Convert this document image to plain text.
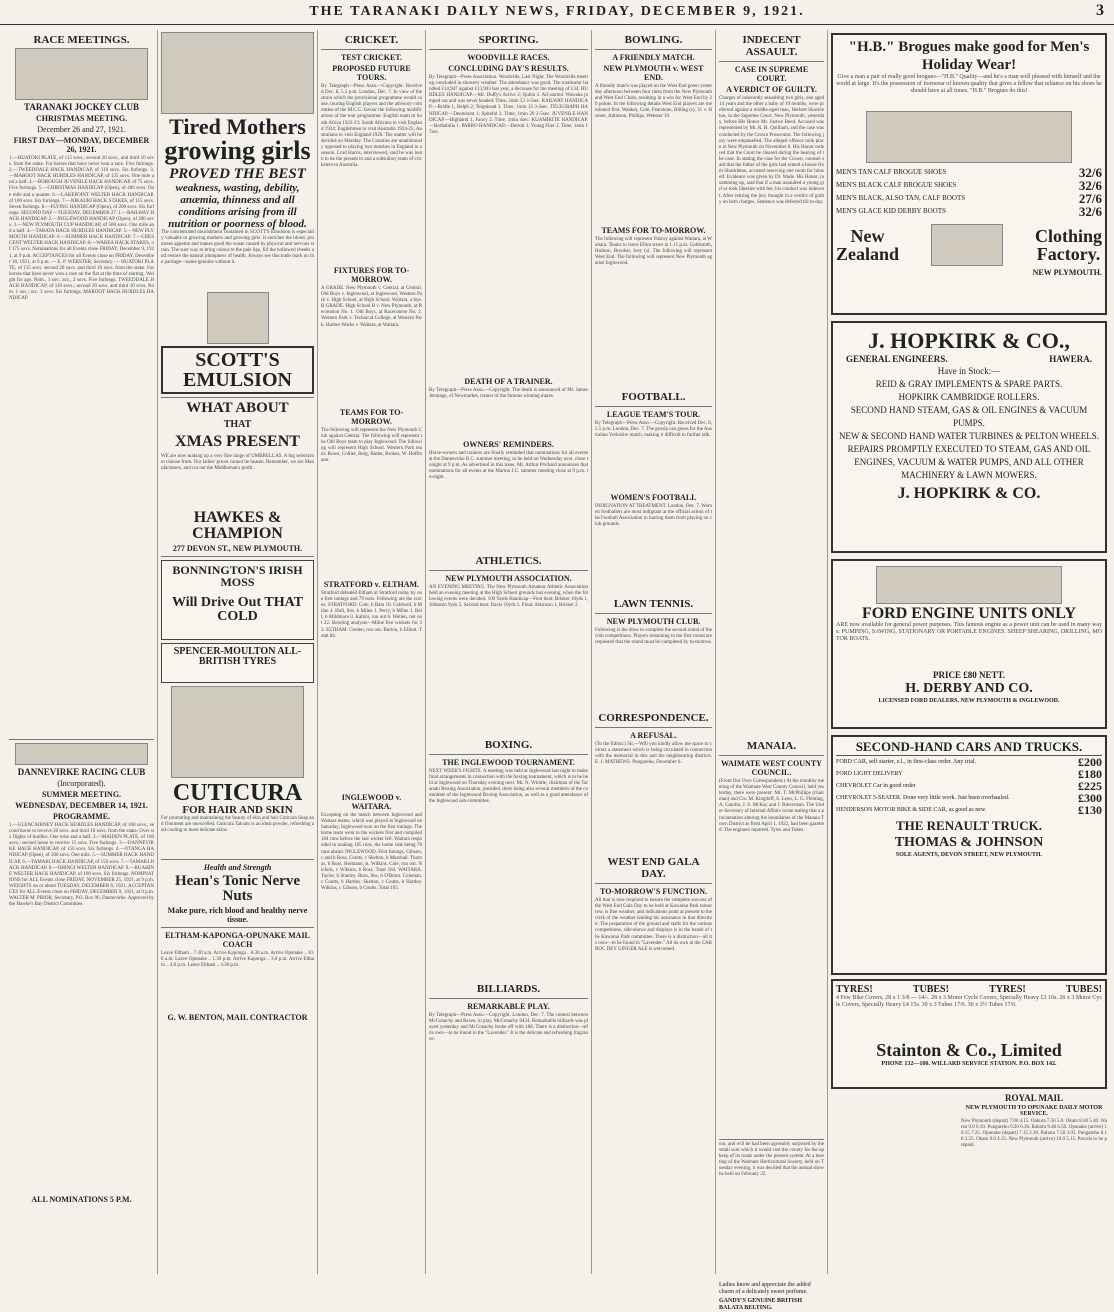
THE TARANAKI DAILY NEWS, FRIDAY, DECEMBER 9, 1921.	3
RACE MEETINGS.
TARANAKI JOCKEY CLUB
CHRISTMAS MEETING.
December 26 and 27, 1921.
FIRST DAY—MONDAY, DECEMBER 26, 1921.
1.—HUATOKI PLATE, of 115 sovs.; second 20 sovs., and third 10 sovs. from the stake. For horses that have never won a race. Five furlongs. 2.—TWEEDDALE HACK HANDICAP, of 110 sovs. Six furlongs. 3.—MABOOT HACK HURDLES HANDICAP, of 125 sovs. One mile and a half. 4.—BOROUGH JUVENILE HACK HANDICAP, of 75 sovs. Five furlongs. 5.—CHRISTMAS HANDICAP (Open), of 400 sovs. One mile and a quarter. 6.—LAKEPOINT WELTER HACK HANDICAP, of 100 sovs. Six furlongs. 7.—NIKAURI HACK STAKES, of 115 sovs. Seven furlongs. 8.—FLYING HANDICAP (Open), of 200 sovs. Six furlongs. SECOND DAY—TUESDAY, DECEMBER 27. 1.—RAILWAY HACK HANDICAP. 2.—INGLEWOOD HANDICAP (Open), of 200 sovs. 3.—NEW PLYMOUTH CUP HANDICAP, of 500 sovs. One mile and a half. 4.—TARATA HACK HURDLES HANDICAP. 5.—NEW PLYMOUTH HANDICAP. 6.—SUMMER HACK HANDICAP. 7.—CRESCENT WELTER HACK HANDICAP. 8.—WAREA HACK STAKES, of 175 sovs. Nominations for all Events close FRIDAY, December 9, 1921, at 9 p.m. ACCEPTANCES for all Events close on FRIDAY, December 16, 1921, at 9 p.m. — E. P. WEBSTER, Secretary. — HUATOKI PLATE, of 115 sovs. second 20 sovs. and third 10 sovs. from the stake. For horses that have never won a race on the flat at the time of starting. Weight for age. Nom., 1 sov.; acc., 2 sovs. Five furlongs. TWEEDDALE HACK HANDICAP, of 110 sovs.; second 20 sovs. and third 10 sovs. Nom. 1 sov.; acc. 3 sovs. Six furlongs. MAROOT HACK HURDLES HANDICAP.
DANNEVIRKE RACING CLUB
(Incorporated).
SUMMER MEETING.
WEDNESDAY, DECEMBER 14, 1921.
PROGRAMME.
1.—GLENCAIRNEY HACK HURDLES HANDICAP, of 100 sovs.; second horse to receive 20 sovs. and third 10 sovs. from the stake. Over six flights of hurdles. One mile and a half. 2.—MAIDEN PLATE, of 100 sovs.; second horse to receive 15 sovs. Five furlongs. 3.—DANNEVIRKE HACK HANDICAP, of 150 sovs. Six furlongs. 4.—OTANGA HANDICAP (Open), of 200 sovs. One mile. 5.—SUMMER HACK HANDICAP. 6.—TAMAKI HACK HANDICAP, of 150 sovs. 7.—TAMAKI HACK HANDICAP. 8.—OHINGI WELTER HANDICAP. 9.—RUAHINE WELTER HACK HANDICAP, of 100 sovs. Six furlongs. NOMINATIONS for ALL Events close FRIDAY, NOVEMBER 25, 1921, at 9 p.m. WEIGHTS on or about TUESDAY, DECEMBER 6, 1921. ACCEPTANCES for ALL Events close on FRIDAY, DECEMBER 9, 1921, at 9 p.m. WALTER M. PRIOR, Secretary, P.O. Box 96, Dannevirke. Approved by the Hawke's Bay District Committee.
ALL NOMINATIONS 5 P.M.
Tired Mothers
growing girls
PROVED THE BEST
weakness, wasting, debility, anæmia, thinness and all conditions arising from ill nutrition or poorness of blood.
The concentrated nourishment contained in SCOTT'S Emulsion is especially valuable to growing mothers and growing girls. It enriches the blood, promotes appetite and makes good the waste caused by physical and nervous strain. The sure way to bring colour to the pale lips, fill the hollowed cheeks and restore the natural plumpness of health. Always see this trade mark on the package—name genuine without it.
SCOTT'S EMULSION
WHAT ABOUT
THAT
XMAS PRESENT
WE are now making up a very fine range of UMBRELLAS. A big selection to choose from. Our ladies' prices cannot be beaten. Remember, we are Manufacturers, and cut out the Middleman's profit.
HAWKES & CHAMPION
277 DEVON ST., NEW PLYMOUTH.
BONNINGTON'S IRISH MOSS
Will Drive Out THAT COLD
SPENCER-MOULTON ALL-BRITISH TYRES
CUTICURA
FOR HAIR AND SKIN
For promoting and maintaining the beauty of skin and hair Cuticura Soap and Ointment are unexcelled. Cuticura Talcum is an ideal powder, refreshing and cooling to most delicate skins.
Health and Strength
Hean's Tonic Nerve Nuts
Make pure, rich blood and healthy nerve tissue.
ELTHAM-KAPONGA-OPUNAKE MAIL COACH
Leave Eltham .. 7.30 a.m. Arrive Kaponga .. 8.30 a.m. Arrive Opunake .. 10.0 a.m. Leave Opunake .. 1.30 p.m. Arrive Kaponga .. 3.0 p.m. Arrive Eltham .. 4.0 p.m. Leave Eltham .. 4.30 p.m.
G. W. BENTON, MAIL CONTRACTOR
CRICKET.
TEST CRICKET.
PROPOSED FUTURE TOURS.
By Telegraph—Press Assn.—Copyright. Received Dec. 8, 5.5 p.m. London, Dec. 7. In view of the strain which the provisional programme would cause, touring English players and the advisory committee of the M.C.C. favour the following modifications of the tour programme: English team in South Africa 1922-23; South Africans to visit England 1924; Englishmen to visit Australia 1924-25; Australians to visit England 1926. The matter will be decided on Monday. The Counties are unanimously opposed to playing two matches in England in a season. Lord Harris, interviewed, said he was loath to tie the present to and a subsidiary team of cricketers to Australia.
FIXTURES FOR TO-MORROW.
A GRADE. New Plymouth v. Central, at Central. Old Boys v. Inglewood, at Inglewood. Western Park v. High School, at High School. Waitara, a bye. B GRADE. High School B v. New Plymouth, at Recreation No. 1. Old Boys, at Racecourse No. 2. Western Park v. Technical College, at Western Park. Harbor Works v. Waitara, at Waitara.
TEAMS FOR TO-MORROW.
The following will represent the New Plymouth Club against Central. The following will represent the Old Boys team to play Inglewood. The following will represent High School. Western Park team: Rowe, Collier, Berg, Butler, Brokes, W. Hoffmann.
STRATFORD v. ELTHAM.
Stratford defeated Eltham at Stratford today by one first innings and 79 runs. Following are the scores: STRATFORD. Cole, b Bain 10. Caldwell, b Milne 4. Hull, lbw, b Milne 1. Perry, b Milne 1. Bell, b Mildmore 0. Kahini, run out 6. Wellen, not out 22. Bowling analysis—Milne five wickets for 33. ELTHAM. Creden, run out. Burton, b Elliott. Total 84.
INGLEWOOD v. WAITARA.
Excepting on the match between Inglewood and Waitara teams, which was played at Inglewood on Saturday, Inglewood won on the first innings. The home team went to the wickets first and compiled 184 runs before the last wicket fell. Waitara responded in making 105 runs, the home side being 70 runs ahead. INGLEWOOD. First Innings. Gibson, c and b Ross. Coutts, c Skelton, b Marshall. Thomas, b Ross. Hermann, st. Wilkins. Cole, run out. Nichols, c Wilkins, b Ross. Total 184. WAITARA. Taylor, b Stanley. Ross, lbw, b O'Brien. Coleman, c Coutts, b Hartley. Skelton, c Coutts, b Hartley. Wilkins, c Gibson, b Coutts. Total 105.
SPORTING.
WOODVILLE RACES.
CONCLUDING DAY'S RESULTS.
By Telegraph—Press Association. Woodville, Last Night. The Woodville meeting concluded in showery weather. The attendance was good. The totalisator handled £14,947 against £13,943 last year, a decrease for the meeting of £34. HURDLES HANDICAP.—Mr. Duffy's Active 2; Quinn 3. All started. Wawaka jumped out and was never headed. Time, 2min 53 3-5sec. RAILWAY HANDICAP.—Bridle 1, Delph 2; Teignhead 3. Time, 1min 15 3-5sec. TELEGRAPH HANDICAP.—Denmount 1; Spiteful 2. Time, 1min 29 2-5sec. JUVENILE HANDICAP.—Highland 1, Fancy 2. Time, 1min 4sec. KUAMIKITE HANDICAP.—Borbabilla 1. PARRO HANDICAP.—Detroit 1, Young Flier 2. Time, 1min 17sec.
DEATH OF A TRAINER.
By Telegraph—Press Assn.—Copyright. The death is announced of Mr. James Jennings, of Newmarket, trainer of the famous winning mares.
OWNERS' REMINDERS.
Horse-owners and trainers are finally reminded that nominations for all events at the Dannevirke R.C. summer meeting, to be held on Wednesday next, close tonight at 9 p.m. As advertised in this issue, Mr. Arthur Prichard announces that nominations for all events at the Marton J.C. summer meeting close at 9 p.m. to-night.
ATHLETICS.
NEW PLYMOUTH ASSOCIATION.
AN EVENING MEETING. The New Plymouth Amateur Athletic Association held an evening meeting at the High School grounds last evening, when the following events were decided. 100 Yards Handicap—First heat: Brisker 10yds 1, Johnston 9yds 2. Second heat: Davis 10yds 1. Final: Atkinson 1, Brisker 2.
BOXING.
THE INGLEWOOD TOURNAMENT.
NEXT WEEK'S FIGHTS. A meeting was held at Inglewood last night to make final arrangements in connection with the boxing tournament, which is to be held at Inglewood on Thursday evening next. Mr. N. Whittle, chairman of the Taranaki Boxing Association, presided, there being also several members of the committee of the Inglewood Boxing Association, as well as a good attendance of the Inglewood sub-committee.
BILLIARDS.
REMARKABLE PLAY.
By Telegraph—Press Assn.—Copyright. London, Dec. 7. The contest between McConachy and Recee, in play, McConachy 9424. Remarkable billiards was played yesterday and McConachy broke off with 108. There is a distinction—all its own—to be found in the "Lavender." It is the delicate and refreshing fragrance.
BOWLING.
A FRIENDLY MATCH.
NEW PLYMOUTH v. WEST END.
A friendly match was played on the West End green yesterday afternoon between four rinks from the New Plymouth and West End Clubs, resulting in a win for West End by 20 points. In the following details West End players are mentioned first. Wauker, Cole, Fearstone, Billing (s), 31 v. Hosner, Atkinson, Phillips, Webster 19.
TEAMS FOR TO-MORROW.
The following will represent Fitzroy against Waitara, at Waitara. Teams to leave Elliot street at 1.15 p.m. Goldsmith, Hudson, Brooker, Ivey (s). The following will represent West End. The following will represent New Plymouth against Inglewood.
FOOTBALL.
LEAGUE TEAM'S TOUR.
By Telegraph—Press Assn.—Copyright. Received Dec. 8, 5.5 p.m. London, Dec. 7. The gossip can guess for the Australian Yorkshire match, making it difficult to further talk.
WOMEN'S FOOTBALL
INDIGNATION AT TREATMENT. London, Dec. 7. Women footballers are most indignant at the official action of the Football Association in barring them from playing on club grounds.
LAWN TENNIS.
NEW PLYMOUTH CLUB.
Following is the draw to complete the second round of the club competitions. Players remaining in the first round are requested that the round must be completed by to-morrow.
CORRESPONDENCE.
A REFUSAL.
(To the Editor.) Sir,—Will you kindly allow me space to correct a statement which is being circulated in connection with the memorial in this and the neighbouring districts. E. J. MATHEWS. Pungarehu, December 6.
WEST END GALA DAY.
TO-MORROW'S FUNCTION.
All that is now required to ensure the complete success of the West End Gala Day to be held at Kawaroa Park tomorrow, is fine weather, and indications point at present to the clerk of the weather lending his assistance in that direction. The preparation of the ground and stalls for the various competitions, side-shows and displays is in the hands of the Kawaroa Park committee. There is a distinction—all its own—to be found in "Lavender." All its own at the CARROC DEY GINGER ALE is welcomed.
INDECENT ASSAULT.
CASE IN SUPREME COURT.
A VERDICT OF GUILTY.
Charges of indecently assaulting two girls, one aged 14 years and the other a baby of 19 months, were preferred against a middle-aged man, Herbert Shackleton, in the Supreme Court, New Plymouth, yesterday, before His Honor Mr. Justice Reed. Accused was represented by Mr. R. H. Quilliam, and the case was conducted by the Crown Prosecutor. The following jury were empanelled. The alleged offence took place at New Plymouth on November 6. His Honor ordered that the Court be cleared during the hearing of the case. In stating the case for the Crown, counsel said that the father of the girls had rented a house from Shackleton, accused reserving one room for himself. Evidence was given by Dr. Wade. His Honor, in summing up, said that if a man assaulted a young girl or took liberties with her, his conduct was indecent. After retiring the jury brought in a verdict of guilty on both charges. Sentence was deferred till to-day.
MANAIA.
WAIMATE WEST COUNTY COUNCIL.
(From Our Own Correspondent.) At the monthly meeting of the Waimate West County Council, held yesterday, there were present: Mr. T. McPhillips (chairman) and Crs. M. Kingdoff, S. Leon, L. G. Fleming, A. Gamlin, J. S. McKay and J. Rieverston. The Under-Secretary of Internal Affairs wrote stating that a proclamation altering the boundaries of the Manaia Town District as from April 1, 1922, had been gazetted. The engineer reported. Tyres and Tubes.
out, and will be had been agreeably surprised by the small sum which it would cost the county for the upkeep of its roads under the present system. At a meeting of the Waimate Horticultural Society, held on Tuesday evening, it was decided that the annual show be held on February 22.
Ladies know and appreciate the added charm of a delicately sweet perfume.
GANDY'S GENUINE BRITISH BALATA BELTING.
"H.B." Brogues make good for Men's Holiday Wear!
Give a man a pair of really good brogues—"H.B." Quality—and he's a man well pleased with himself and the world at large. It's the possession of footwear of known quality that gives a fellow that reliance on his shoes he should have at all times. "H.B." Brogues do this!
MEN'S TAN CALF BROGUE SHOES	32/6
MEN'S BLACK CALF BROGUE SHOES	32/6
MEN'S BLACK, ALSO TAN, CALF BOOTS	27/6
MEN'S GLACE KID DERBY BOOTS	32/6
New
Zealand
Clothing
Factory.
NEW PLYMOUTH.
J. HOPKIRK & CO.,
GENERAL ENGINEERS.	HAWERA.
Have in Stock:—
REID & GRAY IMPLEMENTS & SPARE PARTS.
HOPKIRK CAMBRIDGE ROLLERS.
SECOND HAND STEAM, GAS & OIL ENGINES & VACUUM PUMPS.
NEW & SECOND HAND WATER TURBINES & PELTON WHEELS.
REPAIRS PROMPTLY EXECUTED TO STEAM, GAS AND OIL ENGINES, VACUUM & WATER PUMPS, AND ALL OTHER MACHINERY & LAWN MOWERS.
J. HOPKIRK & CO.
FORD ENGINE UNITS ONLY
ARE now available for general power purposes. This famous engine as a power unit can be used in many ways: PUMPING, SAWING, STATIONARY OR PORTABLE ENGINES. SHEEP SHEARING, DRILLING, MOTOR BOATS.
PRICE £80 NETT.
H. DERBY AND CO.
LICENSED FORD DEALERS, NEW PLYMOUTH & INGLEWOOD.
SECOND-HAND CARS AND TRUCKS.
FORD CAR, self starter, e.l., in first-class order. Any trial.	£200
FORD LIGHT DELIVERY	£180
CHEVROLET Car in good order	£225
CHEVROLET 5-SEATER. Done very little work. Just been overhauled.	£300
HENDERSON MOTOR BIKE & SIDE CAR, as good as new.	£130
THE RENAULT TRUCK.
THOMAS & JOHNSON
SOLE AGENTS, DEVON STREET, NEW PLYMOUTH.
TYRES!	TUBES!	TYRES!	TUBES!
4 Few Bike Covers, 28 x 1 3/8 — 14/-. 28 x 3 Motor Cycle Covers, Specially Heavy £3 10s. 26 x 3 Motor Cycle Covers, Specially Heavy £4 15s. 30 x 3 Tubes 17/6. 30 x 3½ Tubes 17/6.
Stainton & Co., Limited
PHONE 132—100. WILLARD SERVICE STATION. P.O. BOX 142.
ROYAL MAIL
NEW PLYMOUTH TO OPUNAKE DAILY MOTOR SERVICE.
New Plymouth (depart) 7.00 4.15. Oakura 7.50 5.0. Okato 8.30 5.40. Warea 9.0 6.10. Pungarehu 9.20 6.30. Rahotu 9.40 6.50. Opunake (arrive) 10.15 7.25. Opunake (depart) 7.15 2.30. Rahotu 7.50 3.05. Pungarehu 8.10 3.25. Okato 9.0 4.15. New Plymouth (arrive) 10.0 5.15. Parcels to be prepaid.
